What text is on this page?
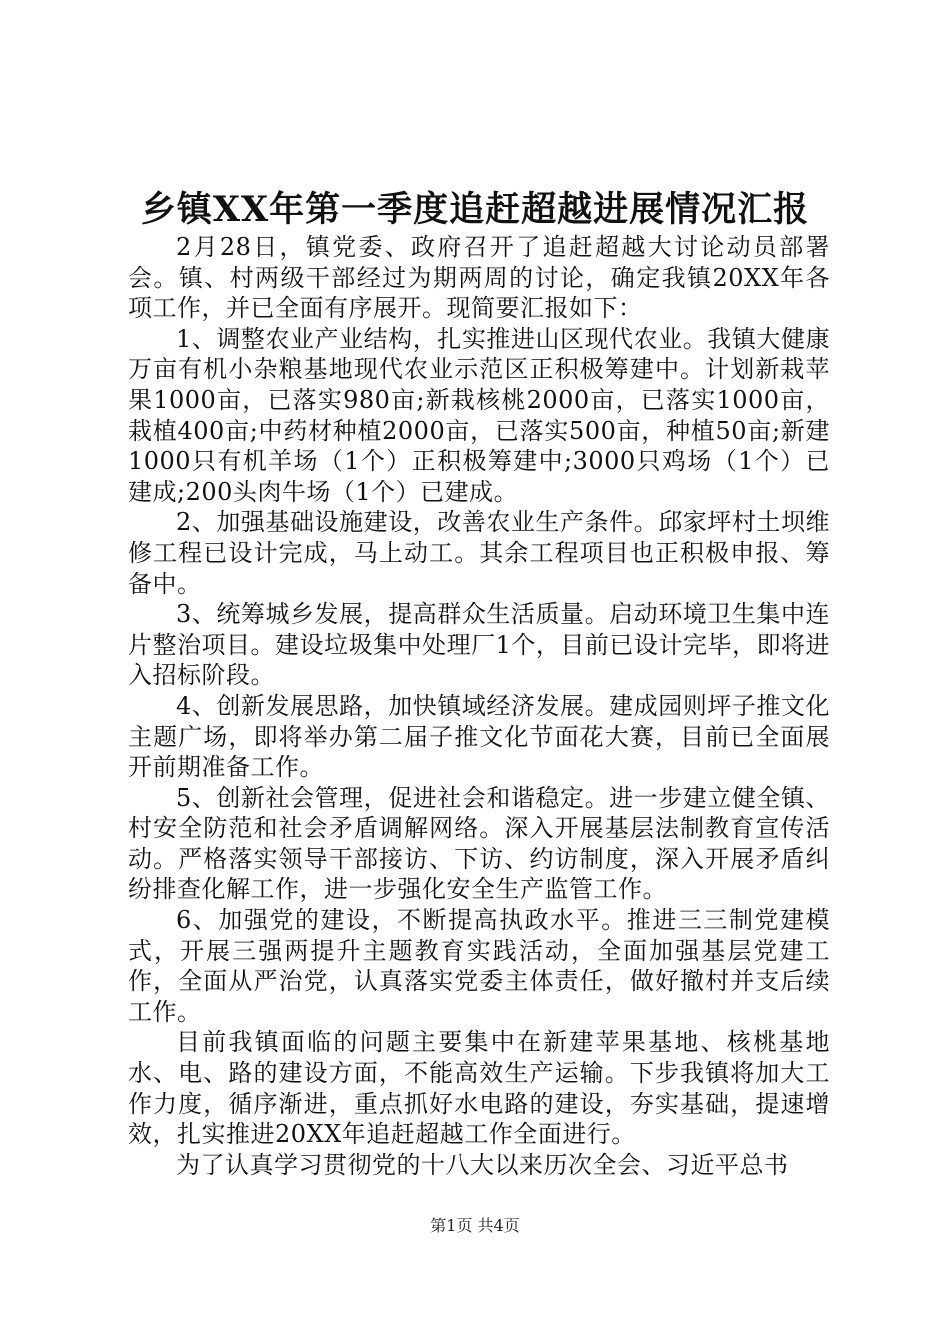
乡镇XX年第一季度追赶超越进展情况汇报

2月28日，镇党委、政府召开了追赶超越大讨论动员部署会。镇、村两级干部经过为期两周的讨论，确定我镇20XX年各项工作，并已全面有序展开。现简要汇报如下：

1、调整农业产业结构，扎实推进山区现代农业。我镇大健康万亩有机小杂粮基地现代农业示范区正积极筹建中。计划新栽苹果1000亩，已落实980亩;新栽核桃2000亩，已落实1000亩，栽植400亩;中药材种植2000亩，已落实500亩，种植50亩;新建1000只有机羊场（1个）正积极筹建中;3000只鸡场（1个）已建成;200头肉牛场（1个）已建成。

2、加强基础设施建设，改善农业生产条件。邱家坪村土坝维修工程已设计完成，马上动工。其余工程项目也正积极申报、筹备中。

3、统筹城乡发展，提高群众生活质量。启动环境卫生集中连片整治项目。建设垃圾集中处理厂1个，目前已设计完毕，即将进入招标阶段。

4、创新发展思路，加快镇域经济发展。建成园则坪子推文化主题广场，即将举办第二届子推文化节面花大赛，目前已全面展开前期准备工作。

5、创新社会管理，促进社会和谐稳定。进一步建立健全镇、村安全防范和社会矛盾调解网络。深入开展基层法制教育宣传活动。严格落实领导干部接访、下访、约访制度，深入开展矛盾纠纷排查化解工作，进一步强化安全生产监管工作。

6、加强党的建设，不断提高执政水平。推进三三制党建模式，开展三强两提升主题教育实践活动，全面加强基层党建工作，全面从严治党，认真落实党委主体责任，做好撤村并支后续工作。

目前我镇面临的问题主要集中在新建苹果基地、核桃基地水、电、路的建设方面，不能高效生产运输。下步我镇将加大工作力度，循序渐进，重点抓好水电路的建设，夯实基础，提速增效，扎实推进20XX年追赶超越工作全面进行。

为了认真学习贯彻党的十八大以来历次全会、习近平总书

第1页 共4页
